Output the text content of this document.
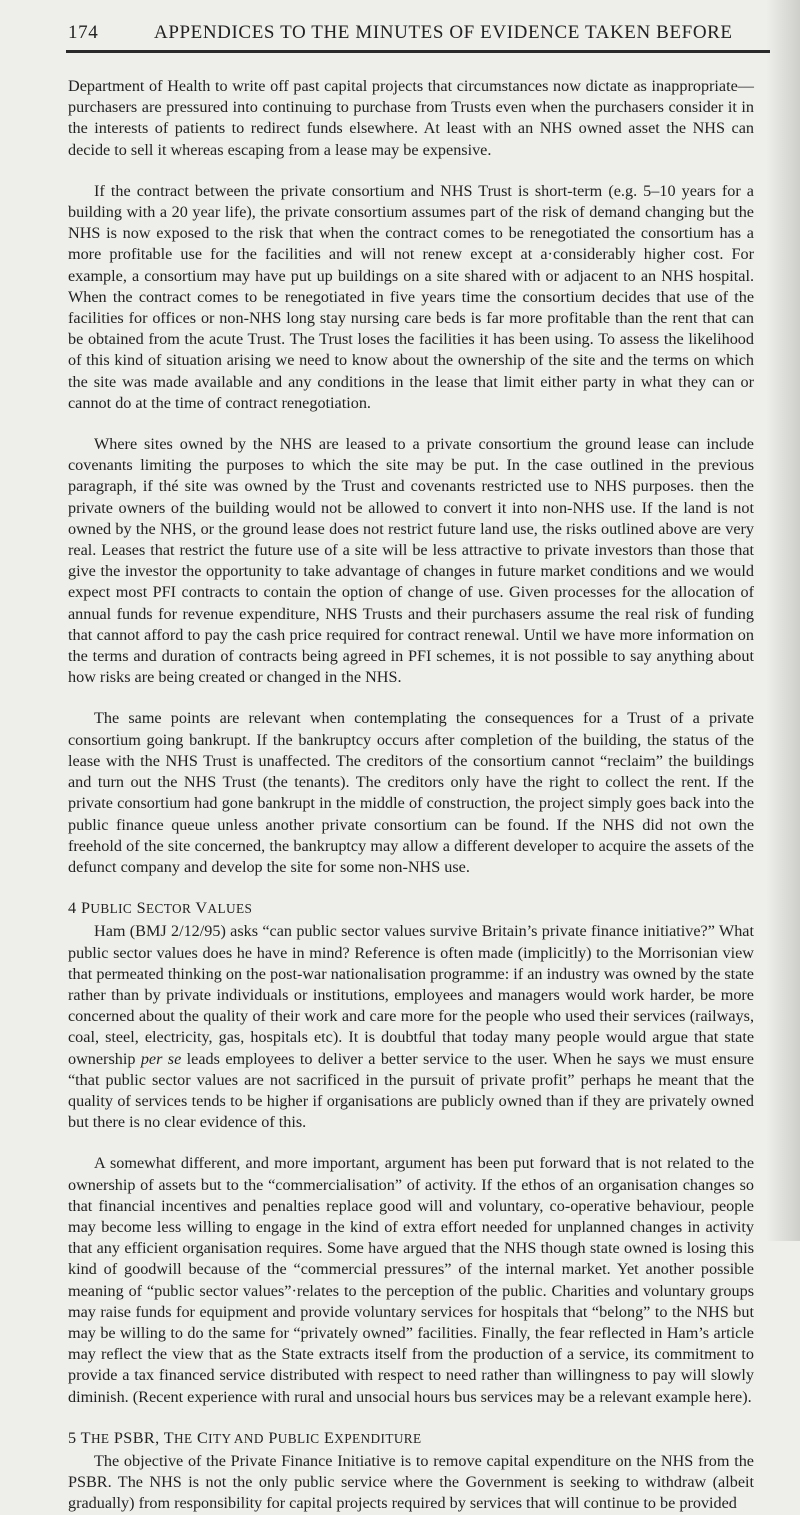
174	APPENDICES TO THE MINUTES OF EVIDENCE TAKEN BEFORE

Department of Health to write off past capital projects that circumstances now dictate as inappropriate— purchasers are pressured into continuing to purchase from Trusts even when the purchasers consider it in the interests of patients to redirect funds elsewhere. At least with an NHS owned asset the NHS can decide to sell it whereas escaping from a lease may be expensive.

If the contract between the private consortium and NHS Trust is short-term (e.g. 5–10 years for a building with a 20 year life), the private consortium assumes part of the risk of demand changing but the NHS is now exposed to the risk that when the contract comes to be renegotiated the consortium has a more profitable use for the facilities and will not renew except at a·considerably higher cost. For example, a consortium may have put up buildings on a site shared with or adjacent to an NHS hospital. When the contract comes to be renegotiated in five years time the consortium decides that use of the facilities for offices or non-NHS long stay nursing care beds is far more profitable than the rent that can be obtained from the acute Trust. The Trust loses the facilities it has been using. To assess the likelihood of this kind of situation arising we need to know about the ownership of the site and the terms on which the site was made available and any conditions in the lease that limit either party in what they can or cannot do at the time of contract renegotiation.

Where sites owned by the NHS are leased to a private consortium the ground lease can include covenants limiting the purposes to which the site may be put. In the case outlined in the previous paragraph, if thé site was owned by the Trust and covenants restricted use to NHS purposes. then the private owners of the building would not be allowed to convert it into non-NHS use. If the land is not owned by the NHS, or the ground lease does not restrict future land use, the risks outlined above are very real. Leases that restrict the future use of a site will be less attractive to private investors than those that give the investor the opportunity to take advantage of changes in future market conditions and we would expect most PFI contracts to contain the option of change of use. Given processes for the allocation of annual funds for revenue expenditure, NHS Trusts and their purchasers assume the real risk of funding that cannot afford to pay the cash price required for contract renewal. Until we have more information on the terms and duration of contracts being agreed in PFI schemes, it is not possible to say anything about how risks are being created or changed in the NHS.

The same points are relevant when contemplating the consequences for a Trust of a private consortium going bankrupt. If the bankruptcy occurs after completion of the building, the status of the lease with the NHS Trust is unaffected. The creditors of the consortium cannot “reclaim” the buildings and turn out the NHS Trust (the tenants). The creditors only have the right to collect the rent. If the private consortium had gone bankrupt in the middle of construction, the project simply goes back into the public finance queue unless another private consortium can be found. If the NHS did not own the freehold of the site concerned, the bankruptcy may allow a different developer to acquire the assets of the defunct company and develop the site for some non-NHS use.

4 PUBLIC SECTOR VALUES

Ham (BMJ 2/12/95) asks “can public sector values survive Britain’s private finance initiative?” What public sector values does he have in mind? Reference is often made (implicitly) to the Morrisonian view that permeated thinking on the post-war nationalisation programme: if an industry was owned by the state rather than by private individuals or institutions, employees and managers would work harder, be more concerned about the quality of their work and care more for the people who used their services (railways, coal, steel, electricity, gas, hospitals etc). It is doubtful that today many people would argue that state ownership per se leads employees to deliver a better service to the user. When he says we must ensure “that public sector values are not sacrificed in the pursuit of private profit” perhaps he meant that the quality of services tends to be higher if organisations are publicly owned than if they are privately owned but there is no clear evidence of this.

A somewhat different, and more important, argument has been put forward that is not related to the ownership of assets but to the “commercialisation” of activity. If the ethos of an organisation changes so that financial incentives and penalties replace good will and voluntary, co-operative behaviour, people may become less willing to engage in the kind of extra effort needed for unplanned changes in activity that any efficient organisation requires. Some have argued that the NHS though state owned is losing this kind of goodwill because of the “commercial pressures” of the internal market. Yet another possible meaning of “public sector values”·relates to the perception of the public. Charities and voluntary groups may raise funds for equipment and provide voluntary services for hospitals that “belong” to the NHS but may be willing to do the same for “privately owned” facilities. Finally, the fear reflected in Ham’s article may reflect the view that as the State extracts itself from the production of a service, its commitment to provide a tax financed service distributed with respect to need rather than willingness to pay will slowly diminish. (Recent experience with rural and unsocial hours bus services may be a relevant example here).

5 THE PSBR, THE CITY AND PUBLIC EXPENDITURE

The objective of the Private Finance Initiative is to remove capital expenditure on the NHS from the PSBR. The NHS is not the only public service where the Government is seeking to withdraw (albeit gradually) from responsibility for capital projects required by services that will continue to be provided
